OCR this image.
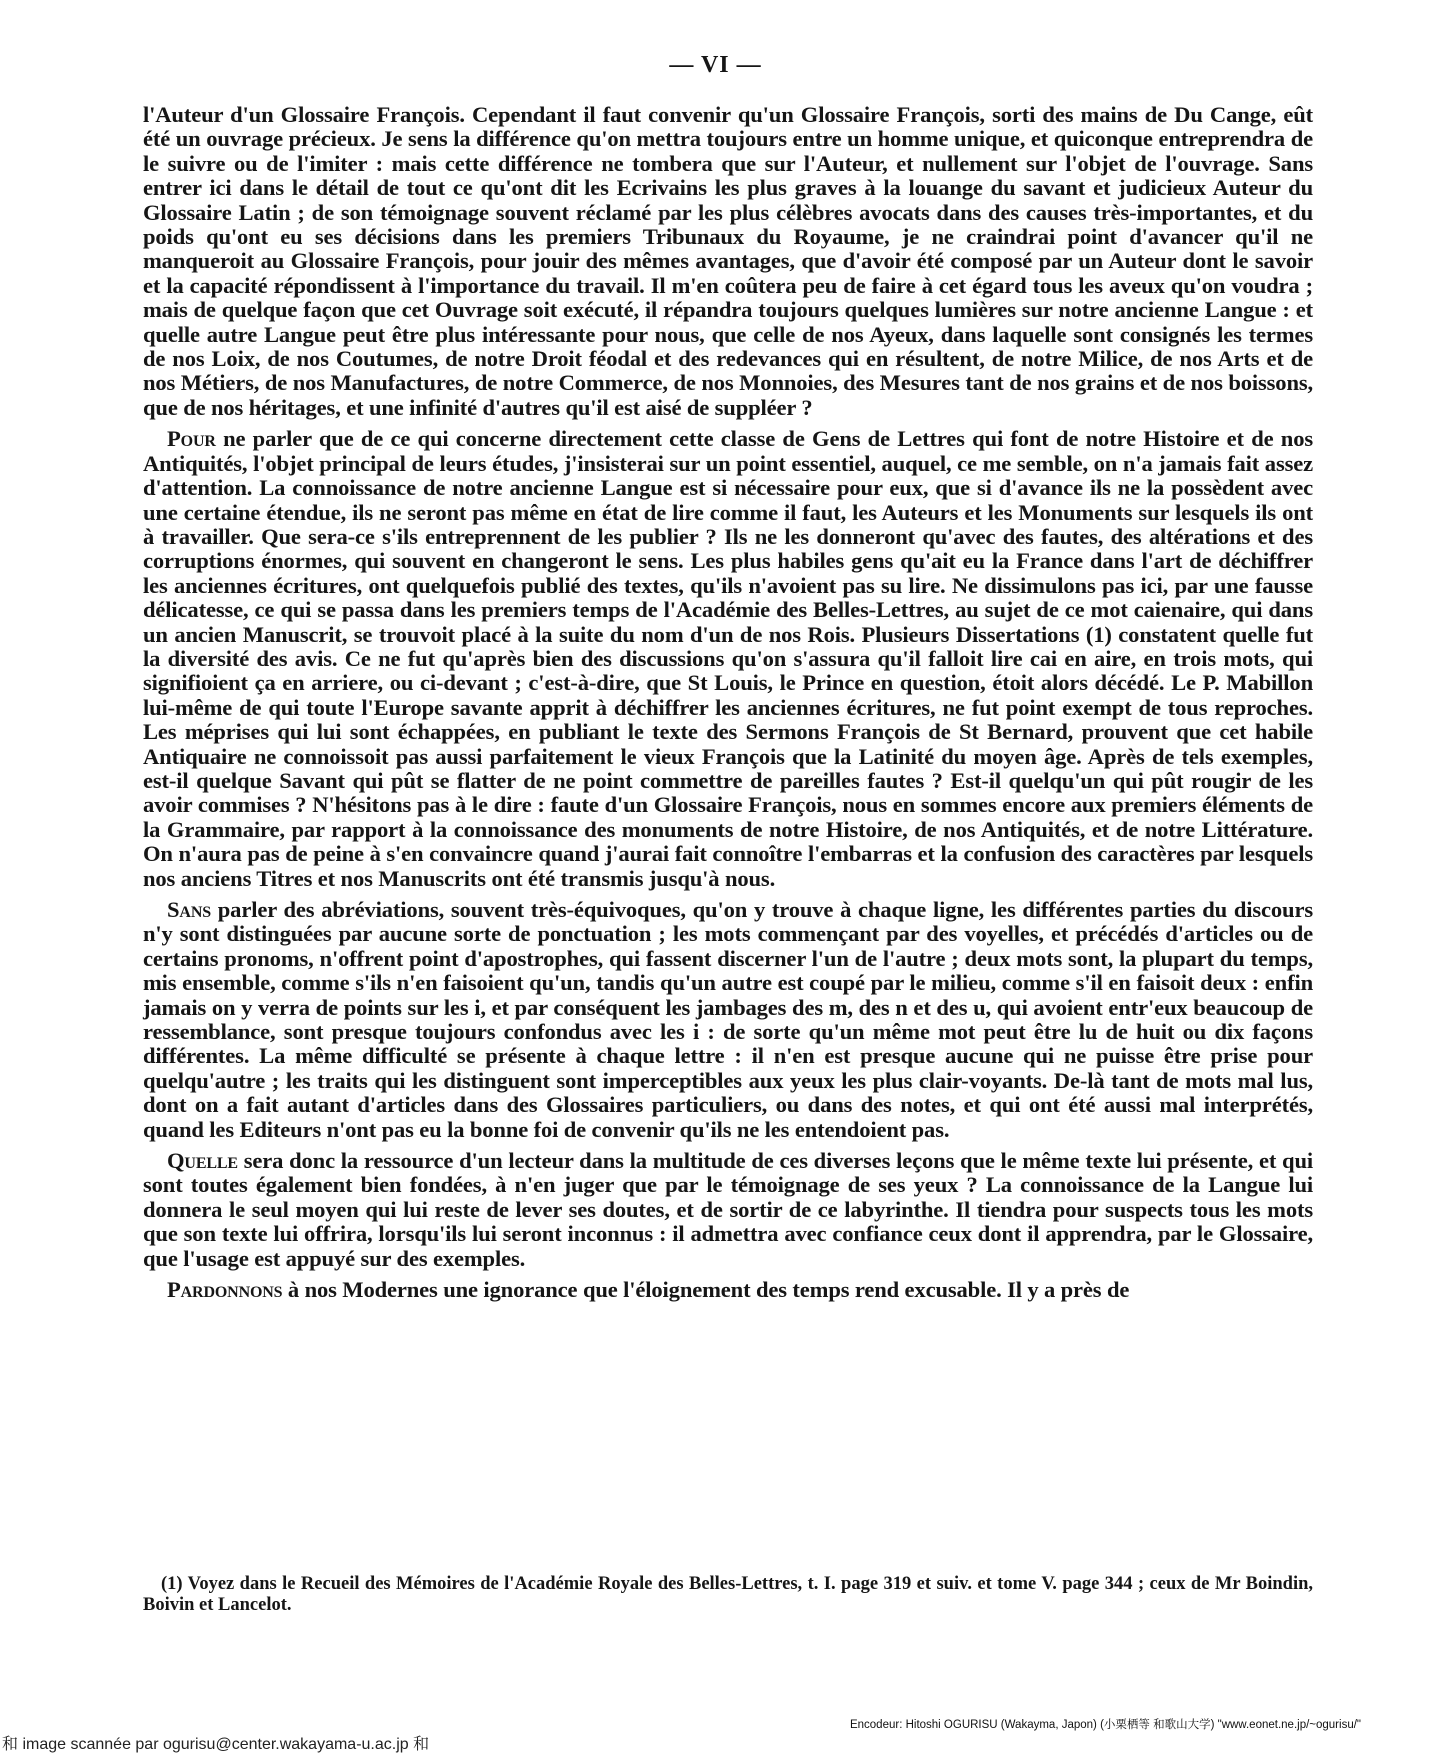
— VI —

l'Auteur d'un Glossaire François. Cependant il faut convenir qu'un Glossaire François, sorti des mains de Du Cange, eût été un ouvrage précieux. Je sens la différence qu'on mettra toujours entre un homme unique, et quiconque entreprendra de le suivre ou de l'imiter : mais cette différence ne tombera que sur l'Auteur, et nullement sur l'objet de l'ouvrage. Sans entrer ici dans le détail de tout ce qu'ont dit les Ecrivains les plus graves à la louange du savant et judicieux Auteur du Glossaire Latin ; de son témoignage souvent réclamé par les plus célèbres avocats dans des causes très-importantes, et du poids qu'ont eu ses décisions dans les premiers Tribunaux du Royaume, je ne craindrai point d'avancer qu'il ne manqueroit au Glossaire François, pour jouir des mêmes avantages, que d'avoir été composé par un Auteur dont le savoir et la capacité répondissent à l'importance du travail. Il m'en coûtera peu de faire à cet égard tous les aveux qu'on voudra ; mais de quelque façon que cet Ouvrage soit exécuté, il répandra toujours quelques lumières sur notre ancienne Langue : et quelle autre Langue peut être plus intéressante pour nous, que celle de nos Ayeux, dans laquelle sont consignés les termes de nos Loix, de nos Coutumes, de notre Droit féodal et des redevances qui en résultent, de notre Milice, de nos Arts et de nos Métiers, de nos Manufactures, de notre Commerce, de nos Monnoies, des Mesures tant de nos grains et de nos boissons, que de nos héritages, et une infinité d'autres qu'il est aisé de suppléer ?

Pour ne parler que de ce qui concerne directement cette classe de Gens de Lettres qui font de notre Histoire et de nos Antiquités, l'objet principal de leurs études, j'insisterai sur un point essentiel, auquel, ce me semble, on n'a jamais fait assez d'attention. La connoissance de notre ancienne Langue est si nécessaire pour eux, que si d'avance ils ne la possèdent avec une certaine étendue, ils ne seront pas même en état de lire comme il faut, les Auteurs et les Monuments sur lesquels ils ont à travailler. Que sera-ce s'ils entreprennent de les publier ? Ils ne les donneront qu'avec des fautes, des altérations et des corruptions énormes, qui souvent en changeront le sens. Les plus habiles gens qu'ait eu la France dans l'art de déchiffrer les anciennes écritures, ont quelquefois publié des textes, qu'ils n'avoient pas su lire. Ne dissimulons pas ici, par une fausse délicatesse, ce qui se passa dans les premiers temps de l'Académie des Belles-Lettres, au sujet de ce mot caienaire, qui dans un ancien Manuscrit, se trouvoit placé à la suite du nom d'un de nos Rois. Plusieurs Dissertations (1) constatent quelle fut la diversité des avis. Ce ne fut qu'après bien des discussions qu'on s'assura qu'il falloit lire cai en aire, en trois mots, qui signifioient ça en arriere, ou ci-devant ; c'est-à-dire, que St Louis, le Prince en question, étoit alors décédé. Le P. Mabillon lui-même de qui toute l'Europe savante apprit à déchiffrer les anciennes écritures, ne fut point exempt de tous reproches. Les méprises qui lui sont échappées, en publiant le texte des Sermons François de St Bernard, prouvent que cet habile Antiquaire ne connoissoit pas aussi parfaitement le vieux François que la Latinité du moyen âge. Après de tels exemples, est-il quelque Savant qui pût se flatter de ne point commettre de pareilles fautes ? Est-il quelqu'un qui pût rougir de les avoir commises ? N'hésitons pas à le dire : faute d'un Glossaire François, nous en sommes encore aux premiers éléments de la Grammaire, par rapport à la connoissance des monuments de notre Histoire, de nos Antiquités, et de notre Littérature. On n'aura pas de peine à s'en convaincre quand j'aurai fait connoître l'embarras et la confusion des caractères par lesquels nos anciens Titres et nos Manuscrits ont été transmis jusqu'à nous.

Sans parler des abréviations, souvent très-équivoques, qu'on y trouve à chaque ligne, les différentes parties du discours n'y sont distinguées par aucune sorte de ponctuation ; les mots commençant par des voyelles, et précédés d'articles ou de certains pronoms, n'offrent point d'apostrophes, qui fassent discerner l'un de l'autre ; deux mots sont, la plupart du temps, mis ensemble, comme s'ils n'en faisoient qu'un, tandis qu'un autre est coupé par le milieu, comme s'il en faisoit deux : enfin jamais on y verra de points sur les i, et par conséquent les jambages des m, des n et des u, qui avoient entr'eux beaucoup de ressemblance, sont presque toujours confondus avec les i : de sorte qu'un même mot peut être lu de huit ou dix façons différentes. La même difficulté se présente à chaque lettre : il n'en est presque aucune qui ne puisse être prise pour quelqu'autre ; les traits qui les distinguent sont imperceptibles aux yeux les plus clair-voyants. De-là tant de mots mal lus, dont on a fait autant d'articles dans des Glossaires particuliers, ou dans des notes, et qui ont été aussi mal interprétés, quand les Editeurs n'ont pas eu la bonne foi de convenir qu'ils ne les entendoient pas.

Quelle sera donc la ressource d'un lecteur dans la multitude de ces diverses leçons que le même texte lui présente, et qui sont toutes également bien fondées, à n'en juger que par le témoignage de ses yeux ? La connoissance de la Langue lui donnera le seul moyen qui lui reste de lever ses doutes, et de sortir de ce labyrinthe. Il tiendra pour suspects tous les mots que son texte lui offrira, lorsqu'ils lui seront inconnus : il admettra avec confiance ceux dont il apprendra, par le Glossaire, que l'usage est appuyé sur des exemples.

Pardonnons à nos Modernes une ignorance que l'éloignement des temps rend excusable. Il y a près de

(1) Voyez dans le Recueil des Mémoires de l'Académie Royale des Belles-Lettres, t. I. page 319 et suiv. et tome V. page 344 ; ceux de Mr Boindin, Boivin et Lancelot.
Encodeur: Hitoshi OGURISU (Wakayma, Japon) (小栗栖等 和歌山大学) "www.eonet.ne.jp/~ogurisu/"
和 image scannée par ogurisu@center.wakayama-u.ac.jp 和
